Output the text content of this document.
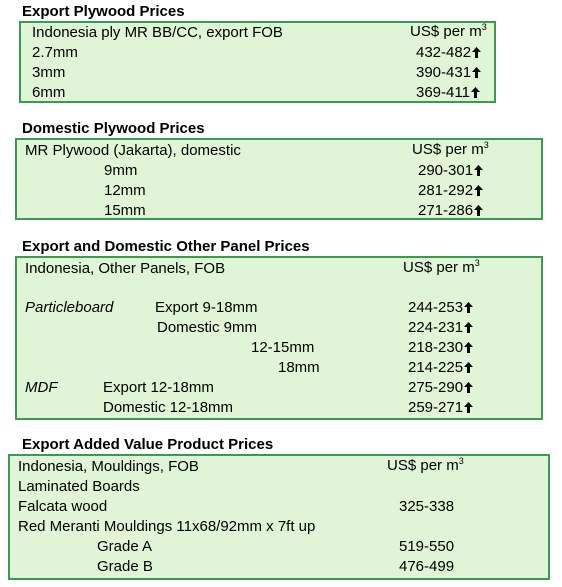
Export Plywood Prices
Indonesia ply MR BB/CC, export FOB	US$ per $m^3$
2.7mm	432-482
3mm	390-431
6mm	369-411
Domestic Plywood Prices
MR Plywood (Jakarta), domestic	US$ per $m^3$
9mm	290-301
12mm	281-292
15mm	271-286
Export and Domestic Other Panel Prices
Indonesia, Other Panels, FOB	US$ per $m^3$
Particleboard	Export 9-18mm	244-253
Domestic 9mm	224-231
12-15mm	218-230
18mm	214-225
MDF	Export 12-18mm	275-290
Domestic 12-18mm	259-271
Export Added Value Product Prices
Indonesia, Mouldings, FOB	US$ per $m^3$
Laminated Boards
Falcata wood	325-338
Red Meranti Mouldings 11x68/92mm x 7ft up
Grade A	519-550
Grade B	476-499
